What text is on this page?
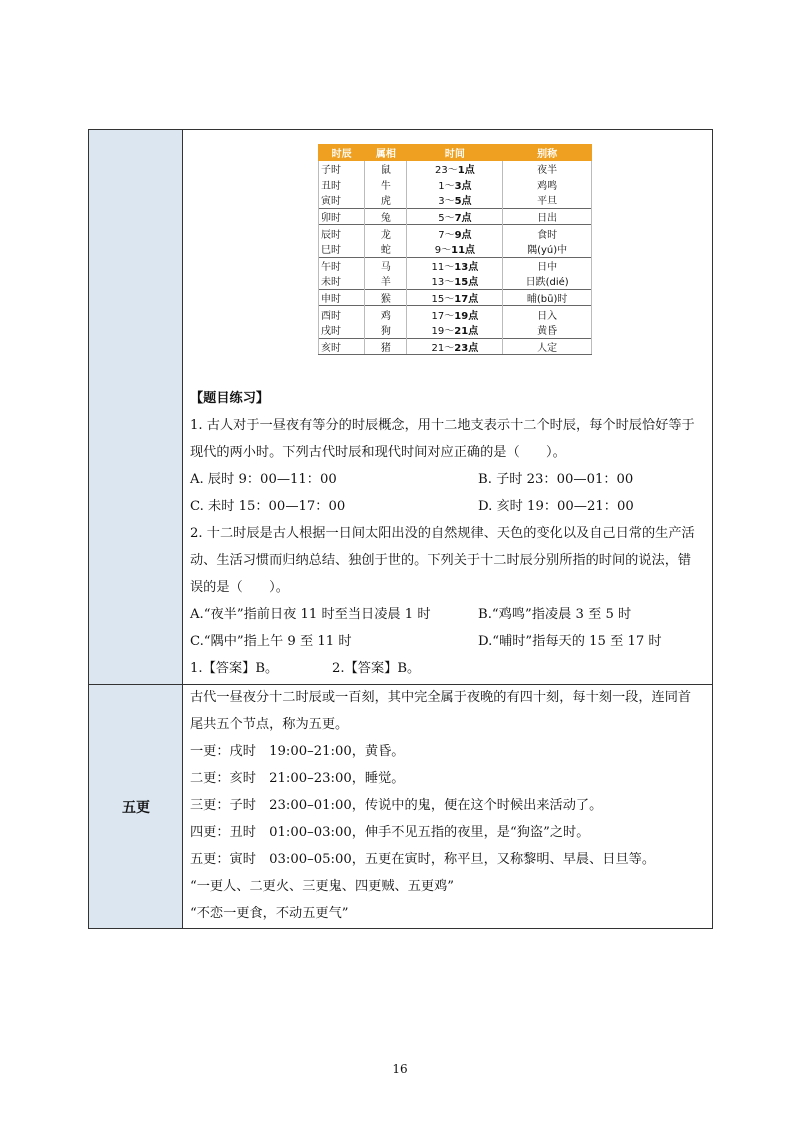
五更
时辰	属相	时间	别称
子时	鼠	23～1点	夜半
丑时	牛	1～3点	鸡鸣
寅时	虎	3～5点	平旦
卯时	兔	5～7点	日出
辰时	龙	7～9点	食时
巳时	蛇	9～11点	隅(yú)中
午时	马	11～13点	日中
未时	羊	13～15点	日跌(dié)
申时	猴	15～17点	晡(bū)时
酉时	鸡	17～19点	日入
戌时	狗	19～21点	黄昏
亥时	猪	21～23点	人定
【题目练习】
1. 古人对于一昼夜有等分的时辰概念，用十二地支表示十二个时辰，每个时辰恰好等于
现代的两小时。下列古代时辰和现代时间对应正确的是（　　）。
A. 辰时 9：00—11：00	B. 子时 23：00—01：00
C. 未时 15：00—17：00	D. 亥时 19：00—21：00
2. 十二时辰是古人根据一日间太阳出没的自然规律、天色的变化以及自己日常的生产活
动、生活习惯而归纳总结、独创于世的。下列关于十二时辰分别所指的时间的说法，错
误的是（　　）。
A.“夜半”指前日夜 11 时至当日凌晨 1 时	B.“鸡鸣”指凌晨 3 至 5 时
C.“隅中”指上午 9 至 11 时	D.“晡时”指每天的 15 至 17 时
1.【答案】B。	2.【答案】B。
古代一昼夜分十二时辰或一百刻，其中完全属于夜晚的有四十刻，每十刻一段，连同首
尾共五个节点，称为五更。
一更：戌时　19:00–21:00，黄昏。
二更：亥时　21:00–23:00，睡觉。
三更：子时　23:00–01:00，传说中的鬼，便在这个时候出来活动了。
四更：丑时　01:00–03:00，伸手不见五指的夜里，是“狗盗”之时。
五更：寅时　03:00–05:00，五更在寅时，称平旦，又称黎明、早晨、日旦等。
“一更人、二更火、三更鬼、四更贼、五更鸡”
“不恋一更食，不动五更气”
16
